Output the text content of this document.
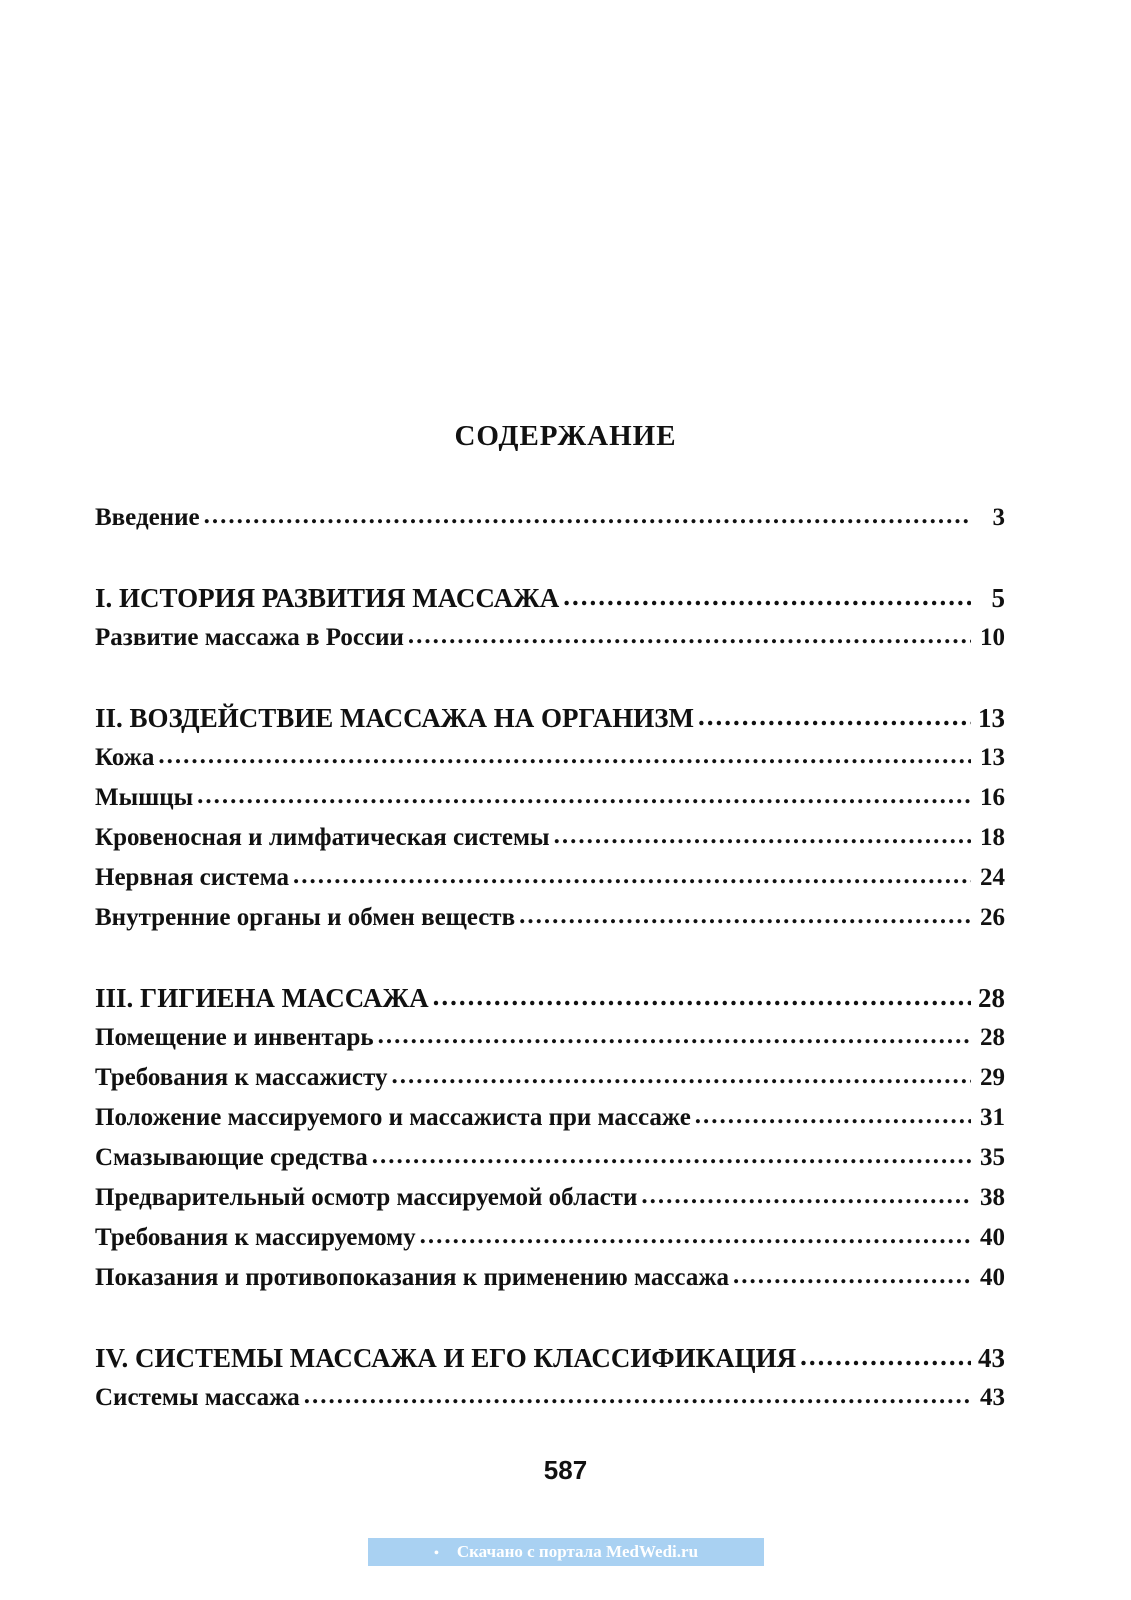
СОДЕРЖАНИЕ
Введение .....	3
I. ИСТОРИЯ РАЗВИТИЯ МАССАЖА .....	5
Развитие массажа в России .....	10
II. ВОЗДЕЙСТВИЕ МАССАЖА НА ОРГАНИЗМ .....	13
Кожа .....	13
Мышцы .....	16
Кровеносная и лимфатическая системы .....	18
Нервная система .....	24
Внутренние органы и обмен веществ .....	26
III. ГИГИЕНА МАССАЖА .....	28
Помещение и инвентарь .....	28
Требования к массажисту .....	29
Положение массируемого и массажиста при массаже .....	31
Смазывающие средства .....	35
Предварительный осмотр массируемой области .....	38
Требования к массируемому .....	40
Показания и противопоказания к применению массажа .....	40
IV. СИСТЕМЫ МАССАЖА И ЕГО КЛАССИФИКАЦИЯ .....	43
Системы массажа .....	43
587
• Скачано с портала MedWedi.ru
